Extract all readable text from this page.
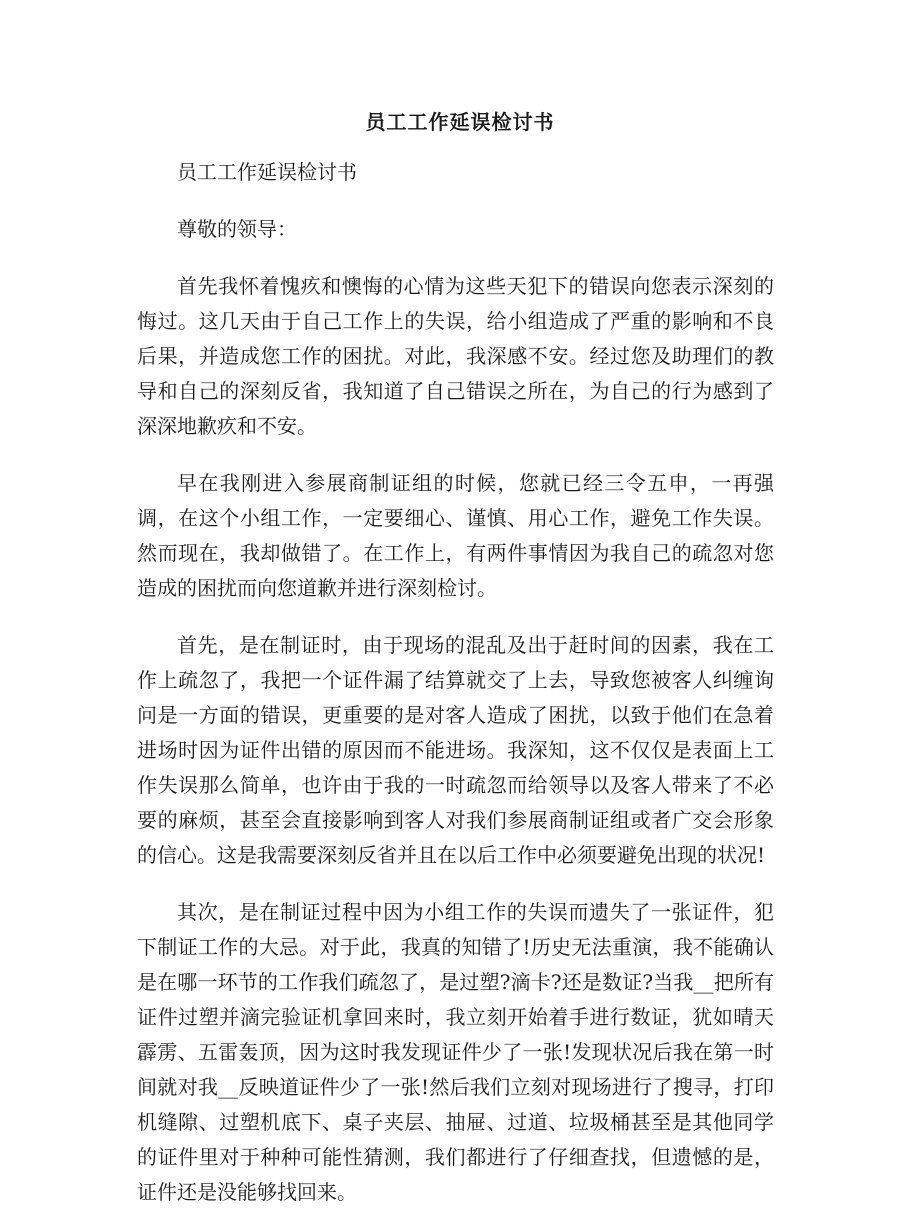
员工工作延误检讨书

员工工作延误检讨书

尊敬的领导：

首先我怀着愧疚和懊悔的心情为这些天犯下的错误向您表示深刻的悔过。这几天由于自己工作上的失误，给小组造成了严重的影响和不良后果，并造成您工作的困扰。对此，我深感不安。经过您及助理们的教导和自己的深刻反省，我知道了自己错误之所在，为自己的行为感到了深深地歉疚和不安。

早在我刚进入参展商制证组的时候，您就已经三令五申，一再强调，在这个小组工作，一定要细心、谨慎、用心工作，避免工作失误。然而现在，我却做错了。在工作上，有两件事情因为我自己的疏忽对您造成的困扰而向您道歉并进行深刻检讨。

首先，是在制证时，由于现场的混乱及出于赶时间的因素，我在工作上疏忽了，我把一个证件漏了结算就交了上去，导致您被客人纠缠询问是一方面的错误，更重要的是对客人造成了困扰，以致于他们在急着进场时因为证件出错的原因而不能进场。我深知，这不仅仅是表面上工作失误那么简单，也许由于我的一时疏忽而给领导以及客人带来了不必要的麻烦，甚至会直接影响到客人对我们参展商制证组或者广交会形象的信心。这是我需要深刻反省并且在以后工作中必须要避免出现的状况!

其次，是在制证过程中因为小组工作的失误而遗失了一张证件，犯下制证工作的大忌。对于此，我真的知错了!历史无法重演，我不能确认是在哪一环节的工作我们疏忽了，是过塑?滴卡?还是数证?当我__把所有证件过塑并滴完验证机拿回来时，我立刻开始着手进行数证，犹如晴天霹雳、五雷轰顶，因为这时我发现证件少了一张!发现状况后我在第一时间就对我__反映道证件少了一张!然后我们立刻对现场进行了搜寻，打印机缝隙、过塑机底下、桌子夹层、抽屉、过道、垃圾桶甚至是其他同学的证件里对于种种可能性猜测，我们都进行了仔细查找，但遗憾的是，证件还是没能够找回来。
